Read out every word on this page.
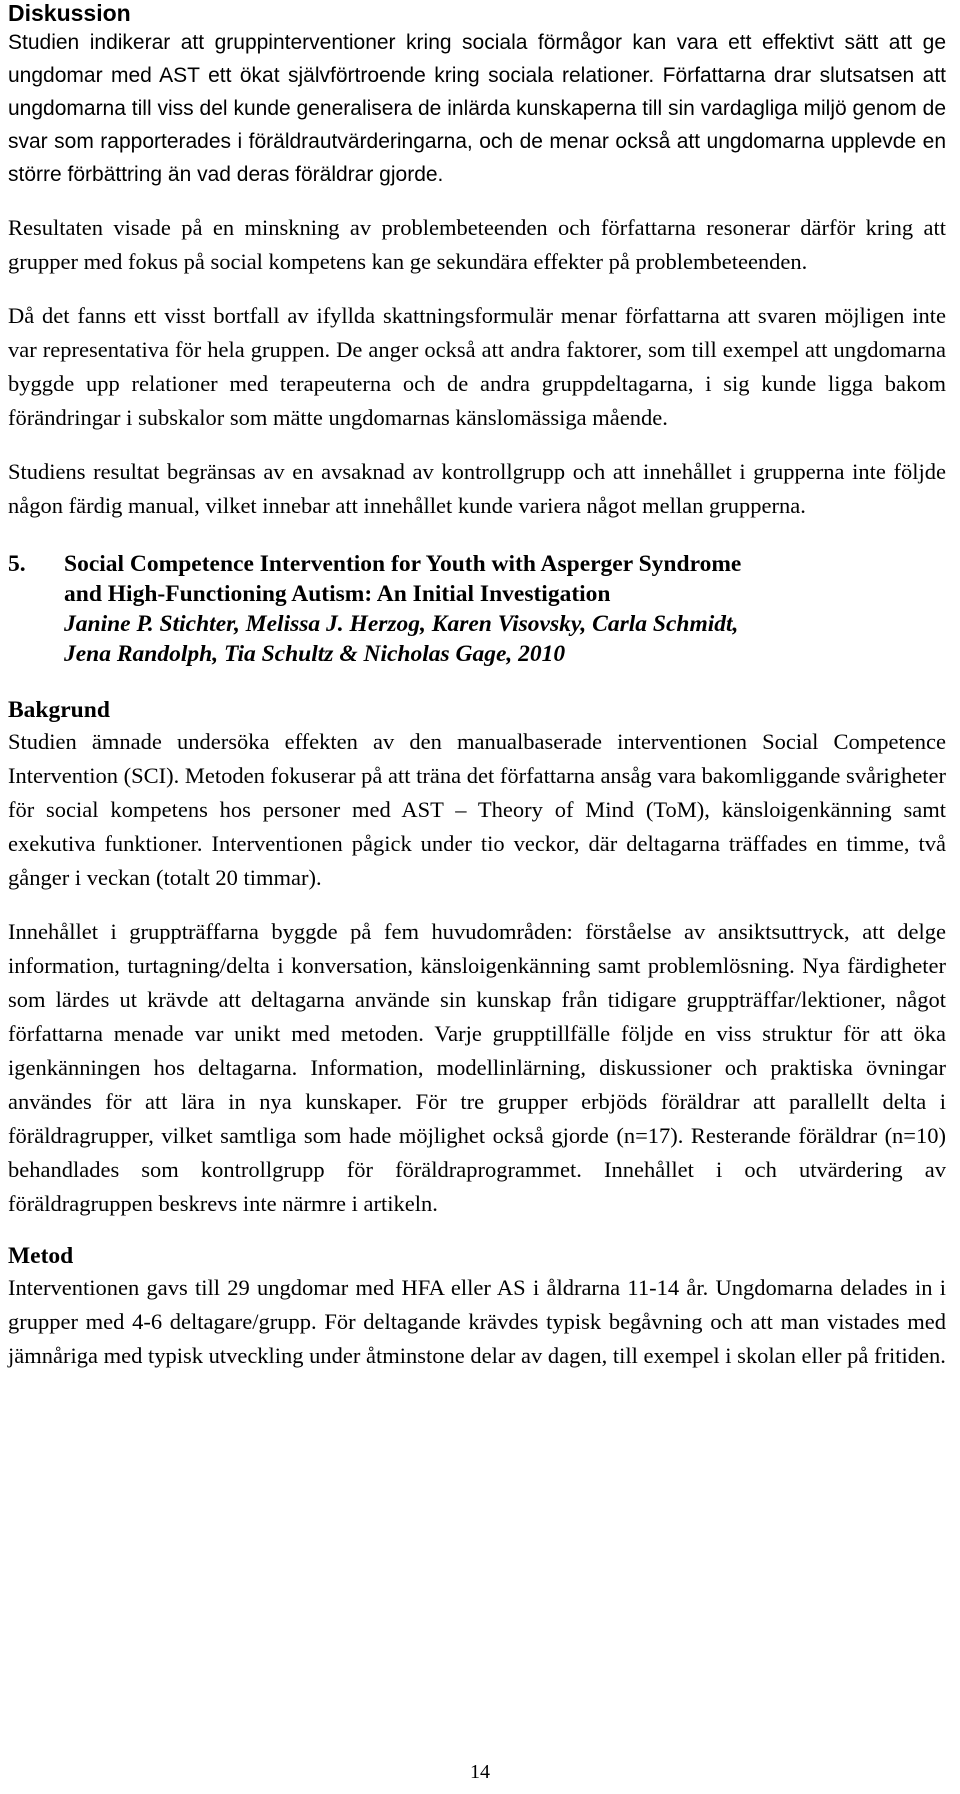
Diskussion

Studien indikerar att gruppinterventioner kring sociala förmågor kan vara ett effektivt sätt att ge ungdomar med AST ett ökat självförtroende kring sociala relationer. Författarna drar slutsatsen att ungdomarna till viss del kunde generalisera de inlärda kunskaperna till sin vardagliga miljö genom de svar som rapporterades i föräldrautvärderingarna, och de menar också att ungdomarna upplevde en större förbättring än vad deras föräldrar gjorde.

Resultaten visade på en minskning av problembeteenden och författarna resonerar därför kring att grupper med fokus på social kompetens kan ge sekundära effekter på problembeteenden.

Då det fanns ett visst bortfall av ifyllda skattningsformulär menar författarna att svaren möjligen inte var representativa för hela gruppen. De anger också att andra faktorer, som till exempel att ungdomarna byggde upp relationer med terapeuterna och de andra gruppdeltagarna, i sig kunde ligga bakom förändringar i subskalor som mätte ungdomarnas känslomässiga mående.

Studiens resultat begränsas av en avsaknad av kontrollgrupp och att innehållet i grupperna inte följde någon färdig manual, vilket innebar att innehållet kunde variera något mellan grupperna.

5.	Social Competence Intervention for Youth with Asperger Syndrome
and High-Functioning Autism: An Initial Investigation
Janine P. Stichter, Melissa J. Herzog, Karen Visovsky, Carla Schmidt,
Jena Randolph, Tia Schultz & Nicholas Gage, 2010
Bakgrund

Studien ämnade undersöka effekten av den manualbaserade interventionen Social Competence Intervention (SCI). Metoden fokuserar på att träna det författarna ansåg vara bakomliggande svårigheter för social kompetens hos personer med AST – Theory of Mind (ToM), känsloigenkänning samt exekutiva funktioner. Interventionen pågick under tio veckor, där deltagarna träffades en timme, två gånger i veckan (totalt 20 timmar).

Innehållet i gruppträffarna byggde på fem huvudområden: förståelse av ansiktsuttryck, att delge information, turtagning/delta i konversation, känsloigenkänning samt problemlösning. Nya färdigheter som lärdes ut krävde att deltagarna använde sin kunskap från tidigare gruppträffar/lektioner, något författarna menade var unikt med metoden. Varje grupptillfälle följde en viss struktur för att öka igenkänningen hos deltagarna. Information, modellinlärning, diskussioner och praktiska övningar användes för att lära in nya kunskaper. För tre grupper erbjöds föräldrar att parallellt delta i föräldragrupper, vilket samtliga som hade möjlighet också gjorde (n=17). Resterande föräldrar (n=10) behandlades som kontrollgrupp för föräldraprogrammet. Innehållet i och utvärdering av föräldragruppen beskrevs inte närmre i artikeln.

Metod

Interventionen gavs till 29 ungdomar med HFA eller AS i åldrarna 11-14 år. Ungdomarna delades in i grupper med 4-6 deltagare/grupp. För deltagande krävdes typisk begåvning och att man vistades med jämnåriga med typisk utveckling under åtminstone delar av dagen, till exempel i skolan eller på fritiden.

14
